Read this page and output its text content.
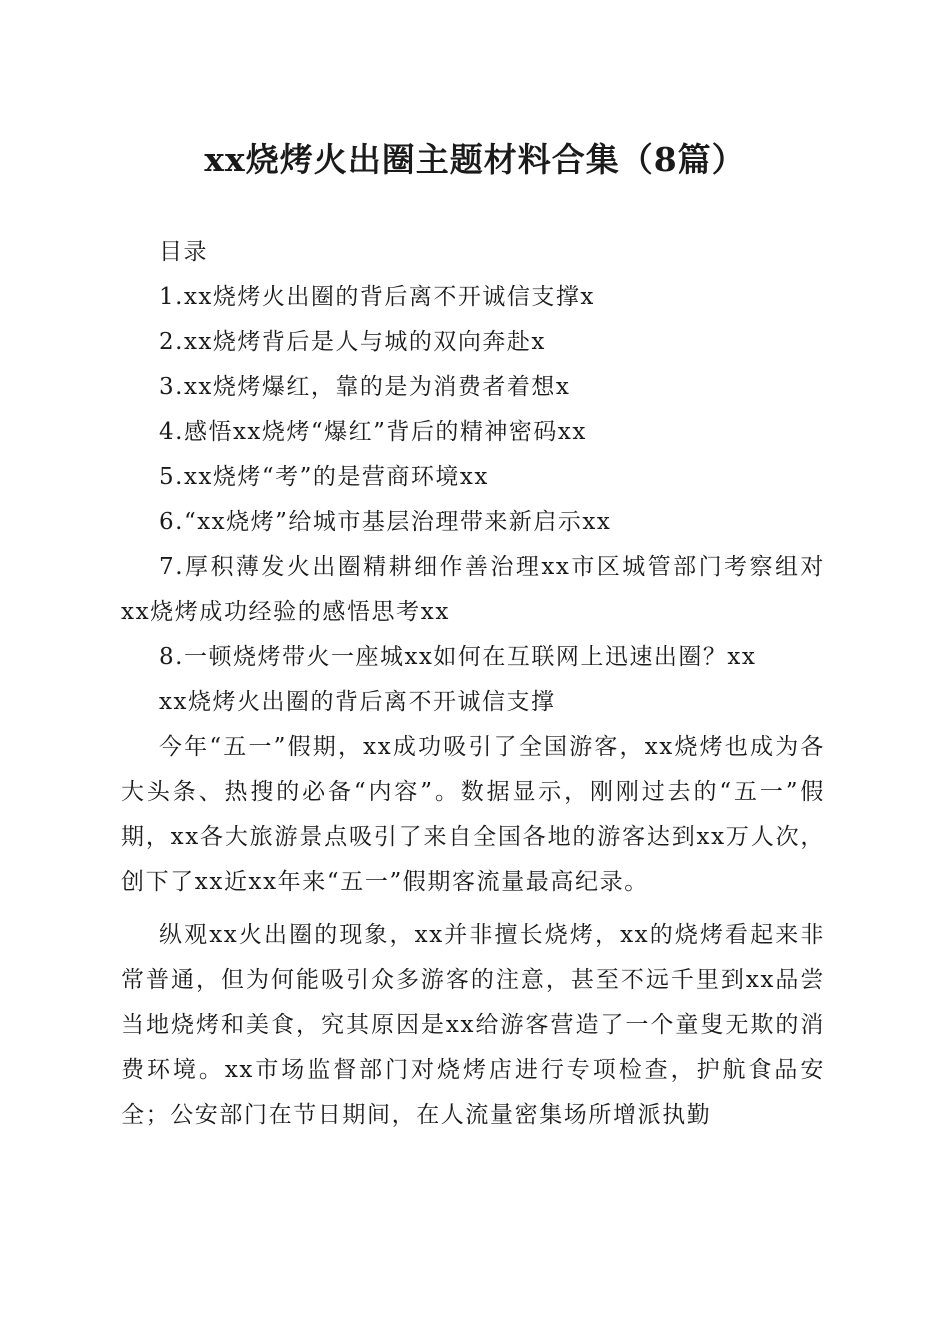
xx烧烤火出圈主题材料合集（8篇）
目录
1.xx烧烤火出圈的背后离不开诚信支撑x
2.xx烧烤背后是人与城的双向奔赴x
3.xx烧烤爆红，靠的是为消费者着想x
4.感悟xx烧烤“爆红”背后的精神密码xx
5.xx烧烤“考”的是营商环境xx
6.“xx烧烤”给城市基层治理带来新启示xx

7.厚积薄发火出圈精耕细作善治理xx市区城管部门考察组对xx烧烤成功经验的感悟思考xx

8.一顿烧烤带火一座城xx如何在互联网上迅速出圈？xx
xx烧烤火出圈的背后离不开诚信支撑

今年“五一”假期，xx成功吸引了全国游客，xx烧烤也成为各大头条、热搜的必备“内容”。数据显示，刚刚过去的“五一”假期，xx各大旅游景点吸引了来自全国各地的游客达到xx万人次，创下了xx近xx年来“五一”假期客流量最高纪录。

纵观xx火出圈的现象，xx并非擅长烧烤，xx的烧烤看起来非常普通，但为何能吸引众多游客的注意，甚至不远千里到xx品尝当地烧烤和美食，究其原因是xx给游客营造了一个童叟无欺的消费环境。xx市场监督部门对烧烤店进行专项检查，护航食品安全；公安部门在节日期间，在人流量密集场所增派执勤
